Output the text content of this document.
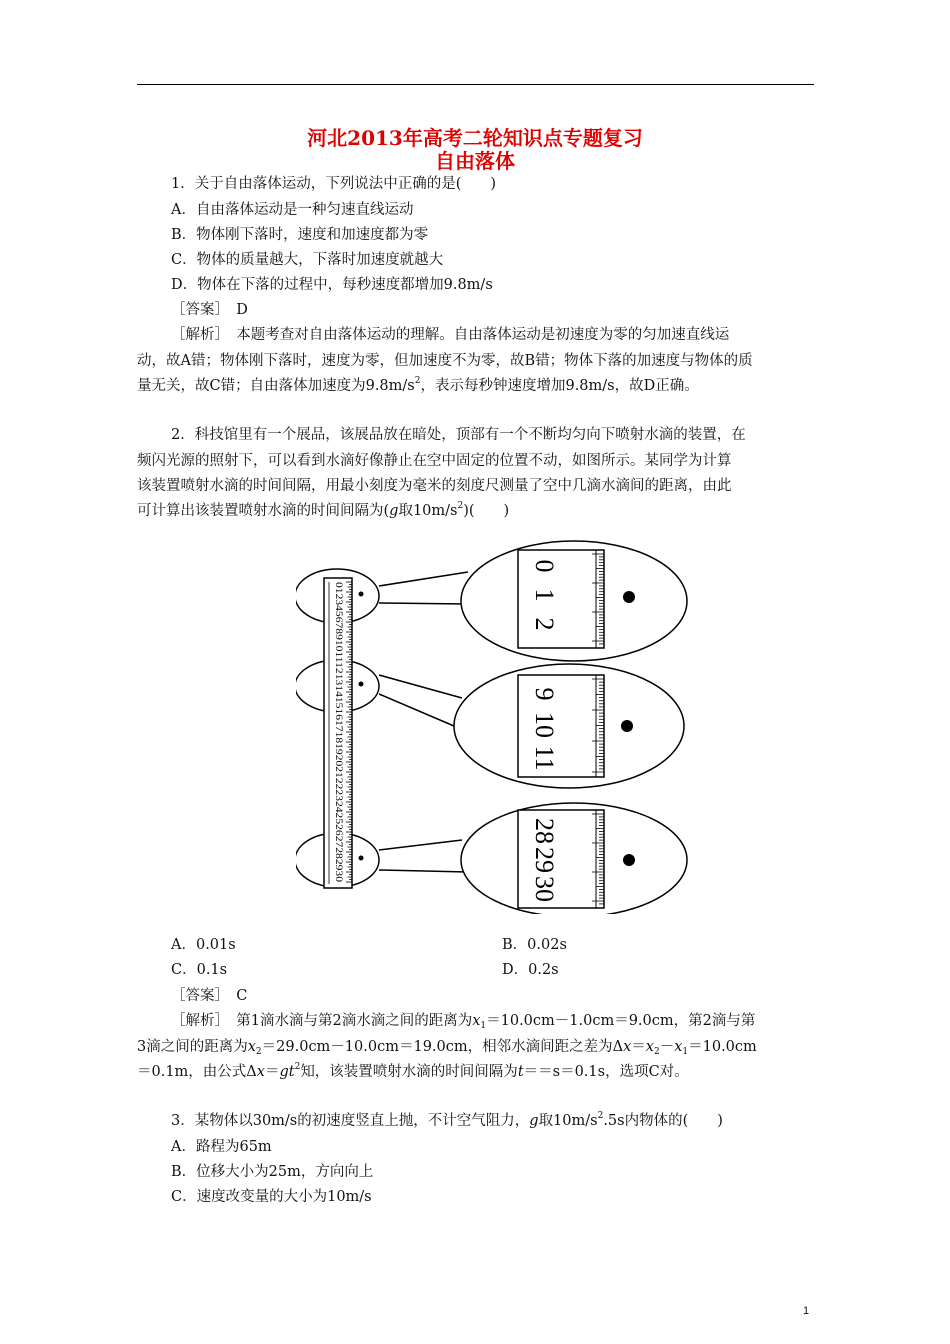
河北2013年高考二轮知识点专题复习
自由落体
1．关于自由落体运动，下列说法中正确的是(　　)
A．自由落体运动是一种匀速直线运动
B．物体刚下落时，速度和加速度都为零
C．物体的质量越大，下落时加速度就越大
D．物体在下落的过程中，每秒速度都增加9.8m/s
［答案］　D
［解析］　本题考查对自由落体运动的理解。自由落体运动是初速度为零的匀加速直线运
动，故A错；物体刚下落时，速度为零，但加速度不为零，故B错；物体下落的加速度与物体的质
量无关，故C错；自由落体加速度为$9.8m/s^2$，表示每秒钟速度增加9.8m/s，故D正确。
2．科技馆里有一个展品，该展品放在暗处，顶部有一个不断均匀向下喷射水滴的装置，在
频闪光源的照射下，可以看到水滴好像静止在空中固定的位置不动，如图所示。某同学为计算
该装置喷射水滴的时间间隔，用最小刻度为毫米的刻度尺测量了空中几滴水滴间的距离，由此
可计算出该装置喷射水滴的时间间隔为(g取$10m/s^2$)(　　)
0123456789101112131415161718192021222324252627282930
0
1
2
9
10
11
28
29
30
A．0.01s	B．0.02s
C．0.1s	D．0.2s
［答案］　C
［解析］　第1滴水滴与第2滴水滴之间的距离为$x_1=10.0cm-1.0cm=9.0cm$，第2滴与第
3滴之间的距离为$x_2=29.0cm-10.0cm=19.0cm$，相邻水滴间距之差为$\Delta x=x_2-x_1=10.0cm$
＝0.1m，由公式$\Delta x=gt^2$知，该装置喷射水滴的时间间隔为t＝＝s＝0.1s，选项C对。
3．某物体以30m/s的初速度竖直上抛，不计空气阻力，g取$10m/s^2.5s$内物体的(　　)
A．路程为65m
B．位移大小为25m，方向向上
C．速度改变量的大小为10m/s
1
